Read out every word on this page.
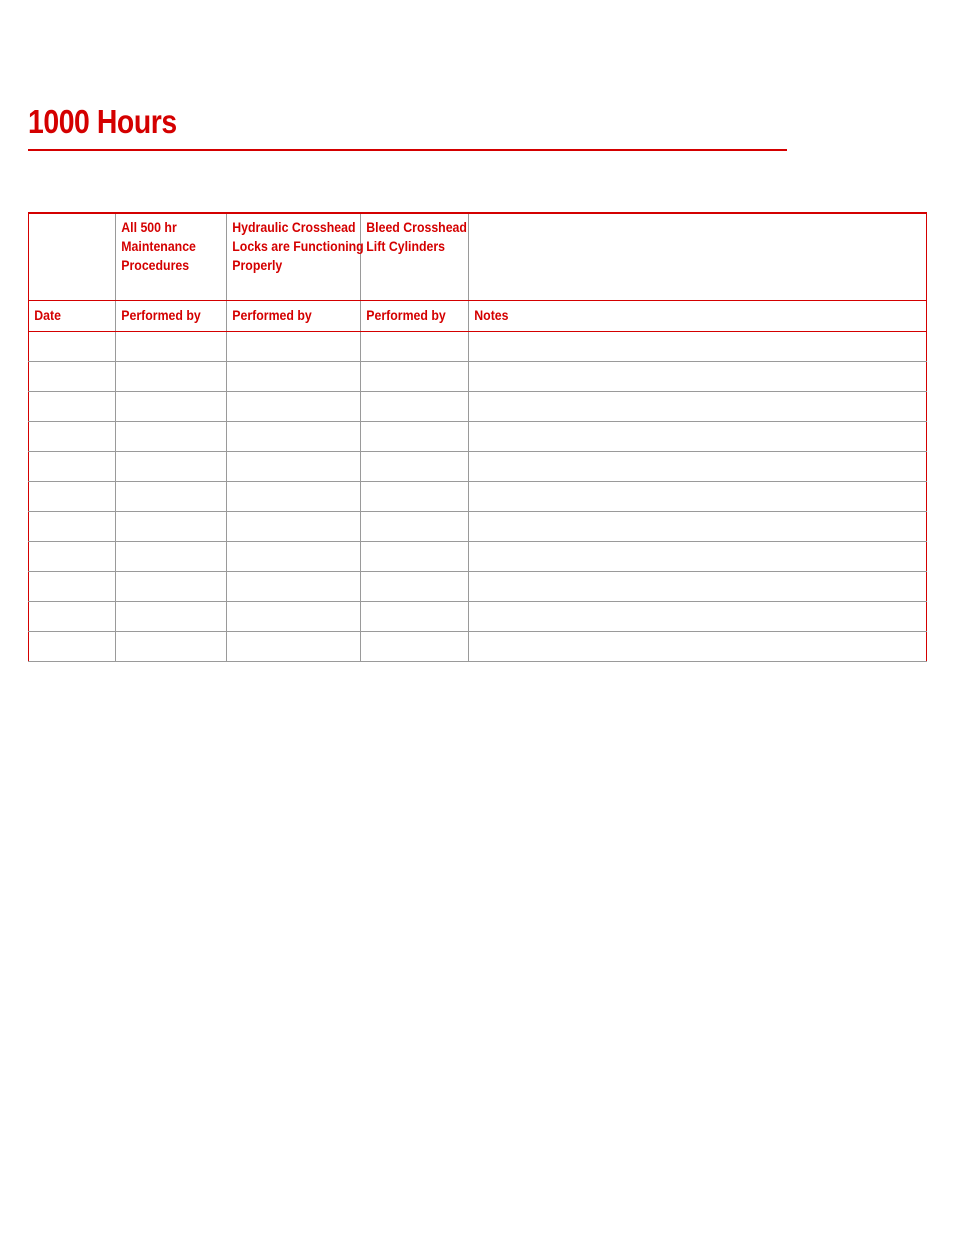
1000 Hours

	All 500 hr Maintenance Procedures	Hydraulic Crosshead Locks are Functioning Properly	Bleed Crosshead Lift Cylinders	

Date	Performed by	Performed by	Performed by	Notes
